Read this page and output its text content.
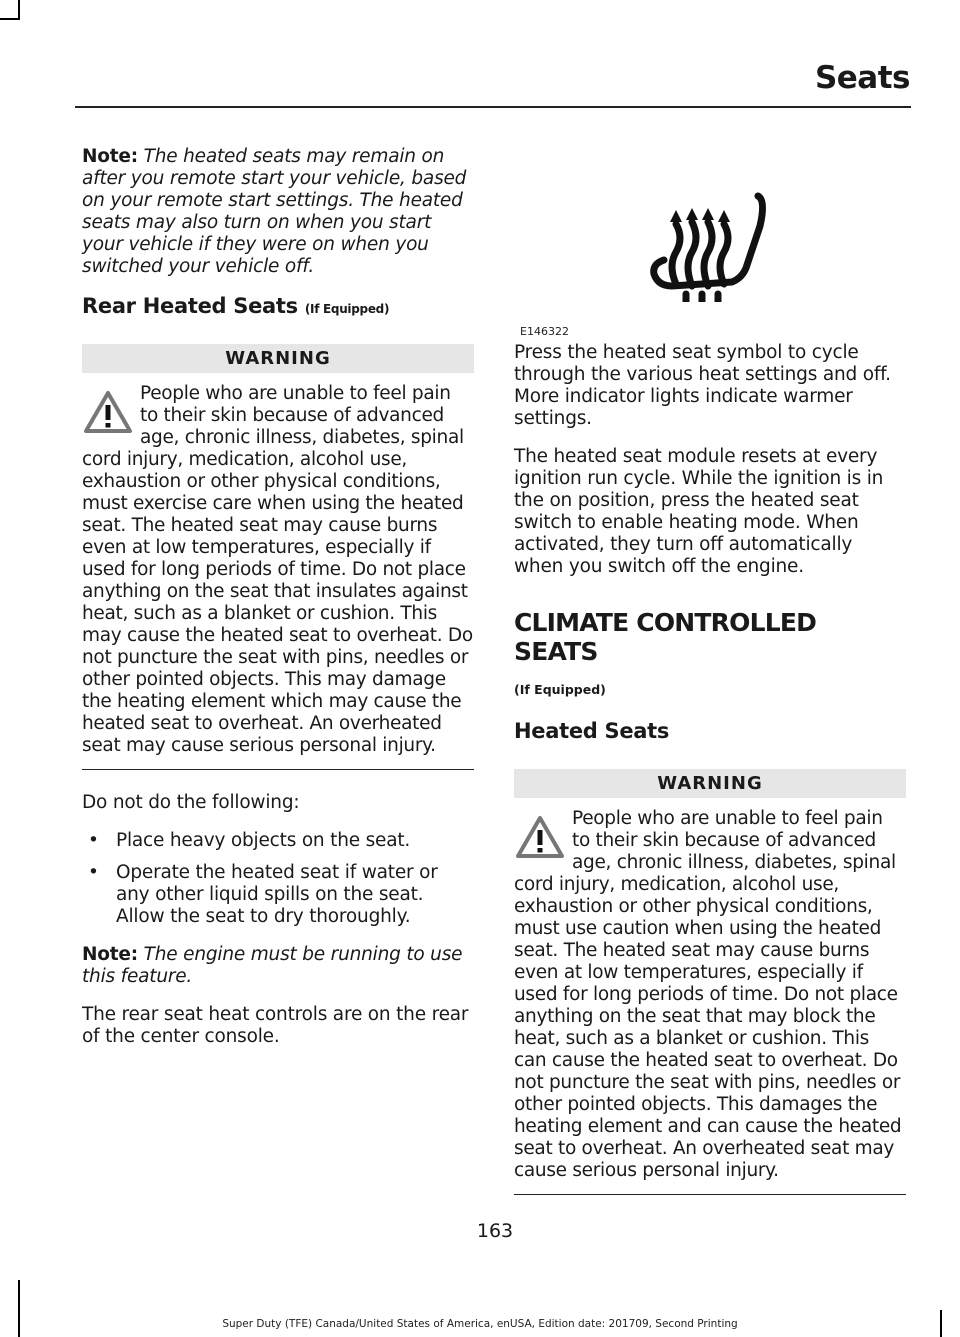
Seats

Note: The heated seats may remain on after you remote start your vehicle, based on your remote start settings. The heated seats may also turn on when you start your vehicle if they were on when you switched your vehicle off.

Rear Heated Seats (If Equipped)
WARNING
People who are unable to feel pain to their skin because of advanced age, chronic illness, diabetes, spinal cord injury, medication, alcohol use, exhaustion or other physical conditions, must exercise care when using the heated seat. The heated seat may cause burns even at low temperatures, especially if used for long periods of time. Do not place anything on the seat that insulates against heat, such as a blanket or cushion. This may cause the heated seat to overheat. Do not puncture the seat with pins, needles or other pointed objects. This may damage the heating element which may cause the heated seat to overheat. An overheated seat may cause serious personal injury.

Do not do the following:

• Place heavy objects on the seat.
• Operate the heated seat if water or any other liquid spills on the seat. Allow the seat to dry thoroughly.

Note: The engine must be running to use this feature.

The rear seat heat controls are on the rear of the center console.

E146322

Press the heated seat symbol to cycle through the various heat settings and off. More indicator lights indicate warmer settings.

The heated seat module resets at every ignition run cycle. While the ignition is in the on position, press the heated seat switch to enable heating mode. When activated, they turn off automatically when you switch off the engine.

CLIMATE CONTROLLED SEATS
(If Equipped)
Heated Seats
WARNING
People who are unable to feel pain to their skin because of advanced age, chronic illness, diabetes, spinal cord injury, medication, alcohol use, exhaustion or other physical conditions, must use caution when using the heated seat. The heated seat may cause burns even at low temperatures, especially if used for long periods of time. Do not place anything on the seat that may block the heat, such as a blanket or cushion. This can cause the heated seat to overheat. Do not puncture the seat with pins, needles or other pointed objects. This damages the heating element and can cause the heated seat to overheat. An overheated seat may cause serious personal injury.
163
Super Duty (TFE) Canada/United States of America, enUSA, Edition date: 201709, Second Printing
